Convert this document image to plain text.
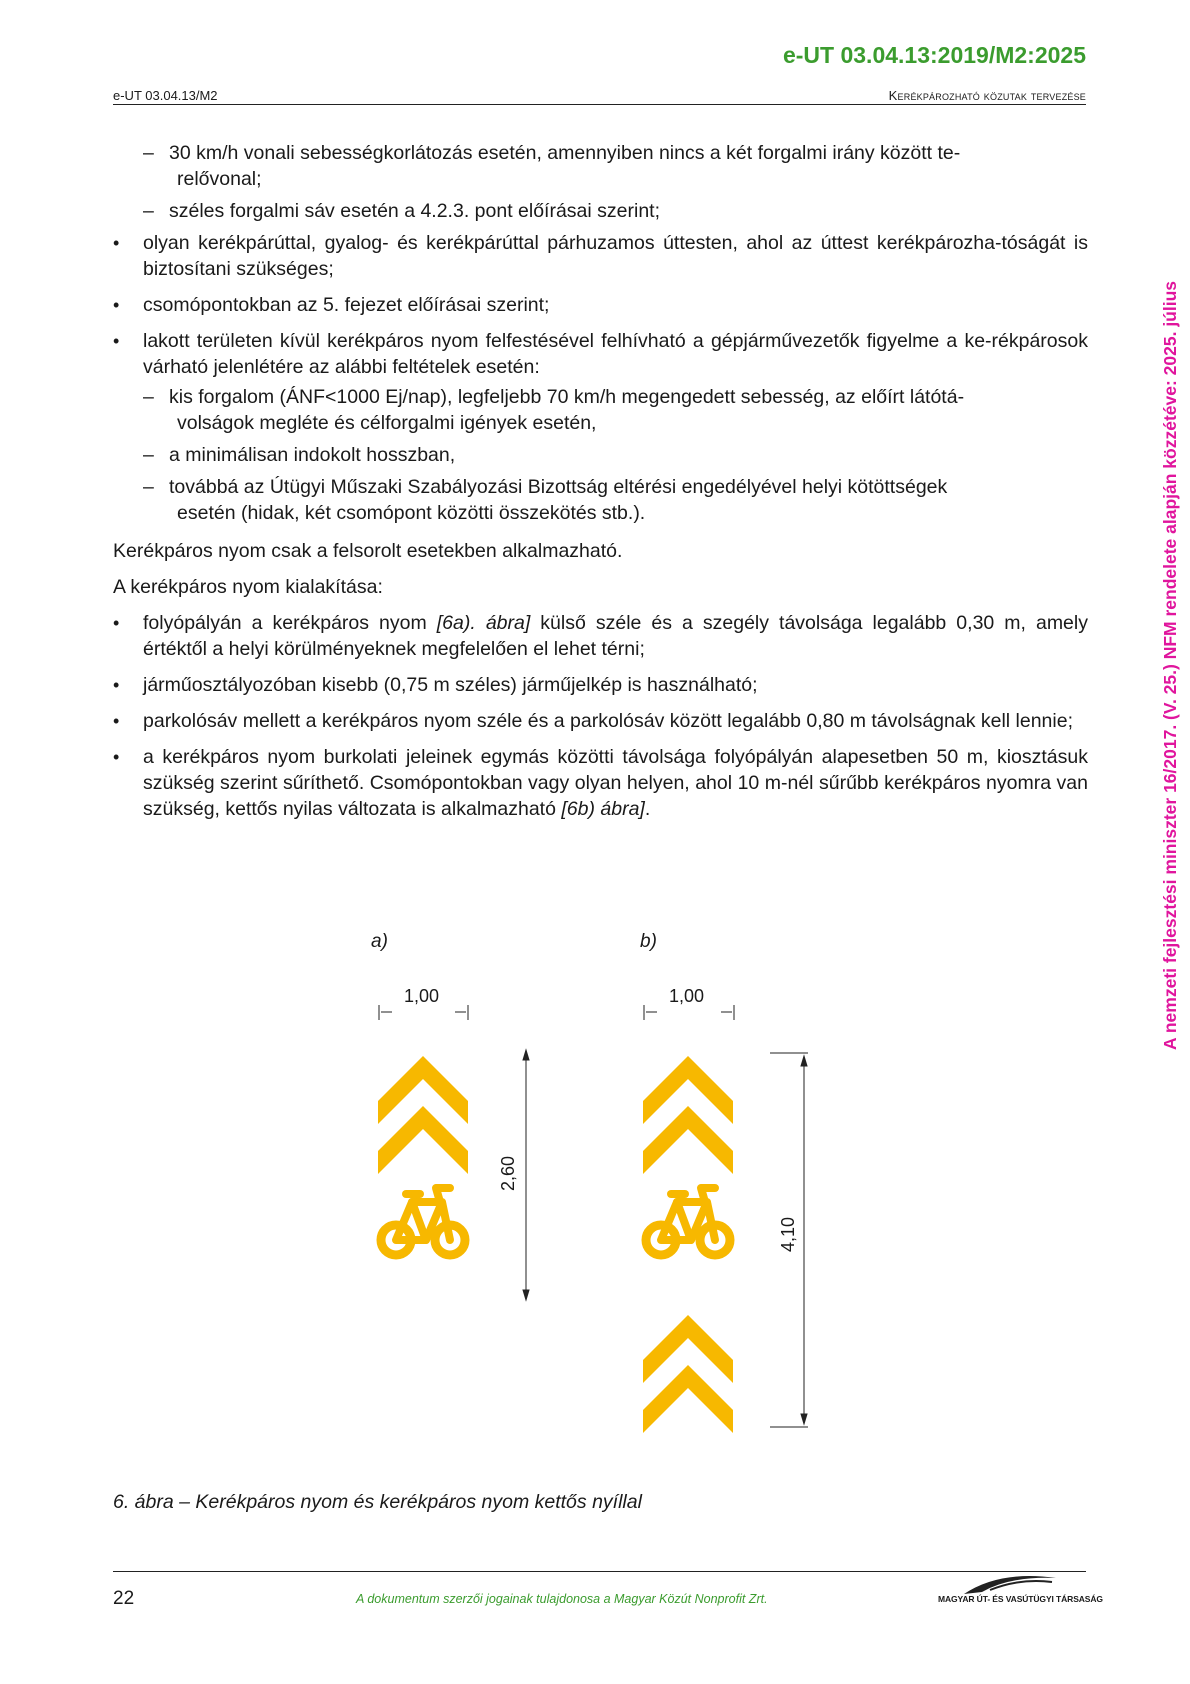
e-UT 03.04.13:2019/M2:2025
e-UT 03.04.13/M2	Kerékpározható közutak tervezése
A nemzeti fejlesztési miniszter 16/2017. (V. 25.) NFM rendelete alapján közzétéve: 2025. július
– 30 km/h vonali sebességkorlátozás esetén, amennyiben nincs a két forgalmi irány között te-
relővonal;
– széles forgalmi sáv esetén a 4.2.3. pont előírásai szerint;
• olyan kerékpárúttal, gyalog- és kerékpárúttal párhuzamos úttesten, ahol az úttest kerékpározha-tóságát is biztosítani szükséges;
• csomópontokban az 5. fejezet előírásai szerint;
• lakott területen kívül kerékpáros nyom felfestésével felhívható a gépjárművezetők figyelme a ke-rékpárosok várható jelenlétére az alábbi feltételek esetén:
– kis forgalom (ÁNF<1000 Ej/nap), legfeljebb 70 km/h megengedett sebesség, az előírt látótá-
volságok megléte és célforgalmi igények esetén,
– a minimálisan indokolt hosszban,
– továbbá az Útügyi Műszaki Szabályozási Bizottság eltérési engedélyével helyi kötöttségek
esetén (hidak, két csomópont közötti összekötés stb.).

Kerékpáros nyom csak a felsorolt esetekben alkalmazható.

A kerékpáros nyom kialakítása:

• folyópályán a kerékpáros nyom [6a). ábra] külső széle és a szegély távolsága legalább 0,30 m, amely értéktől a helyi körülményeknek megfelelően el lehet térni;
• járműosztályozóban kisebb (0,75 m széles) járműjelkép is használható;
• parkolósáv mellett a kerékpáros nyom széle és a parkolósáv között legalább 0,80 m távolságnak kell lennie;
• a kerékpáros nyom burkolati jeleinek egymás közötti távolsága folyópályán alapesetben 50 m, kiosztásuk szükség szerint sűríthető. Csomópontokban vagy olyan helyen, ahol 10 m-nél sűrűbb kerékpáros nyomra van szükség, kettős nyilas változata is alkalmazható [6b) ábra].
a)	b)
1,00	1,00
2,60
4,10
6. ábra – Kerékpáros nyom és kerékpáros nyom kettős nyíllal
22	A dokumentum szerzői jogainak tulajdonosa a Magyar Közút Nonprofit Zrt.	MAGYAR ÚT- ÉS VASÚTÜGYI TÁRSASÁG
